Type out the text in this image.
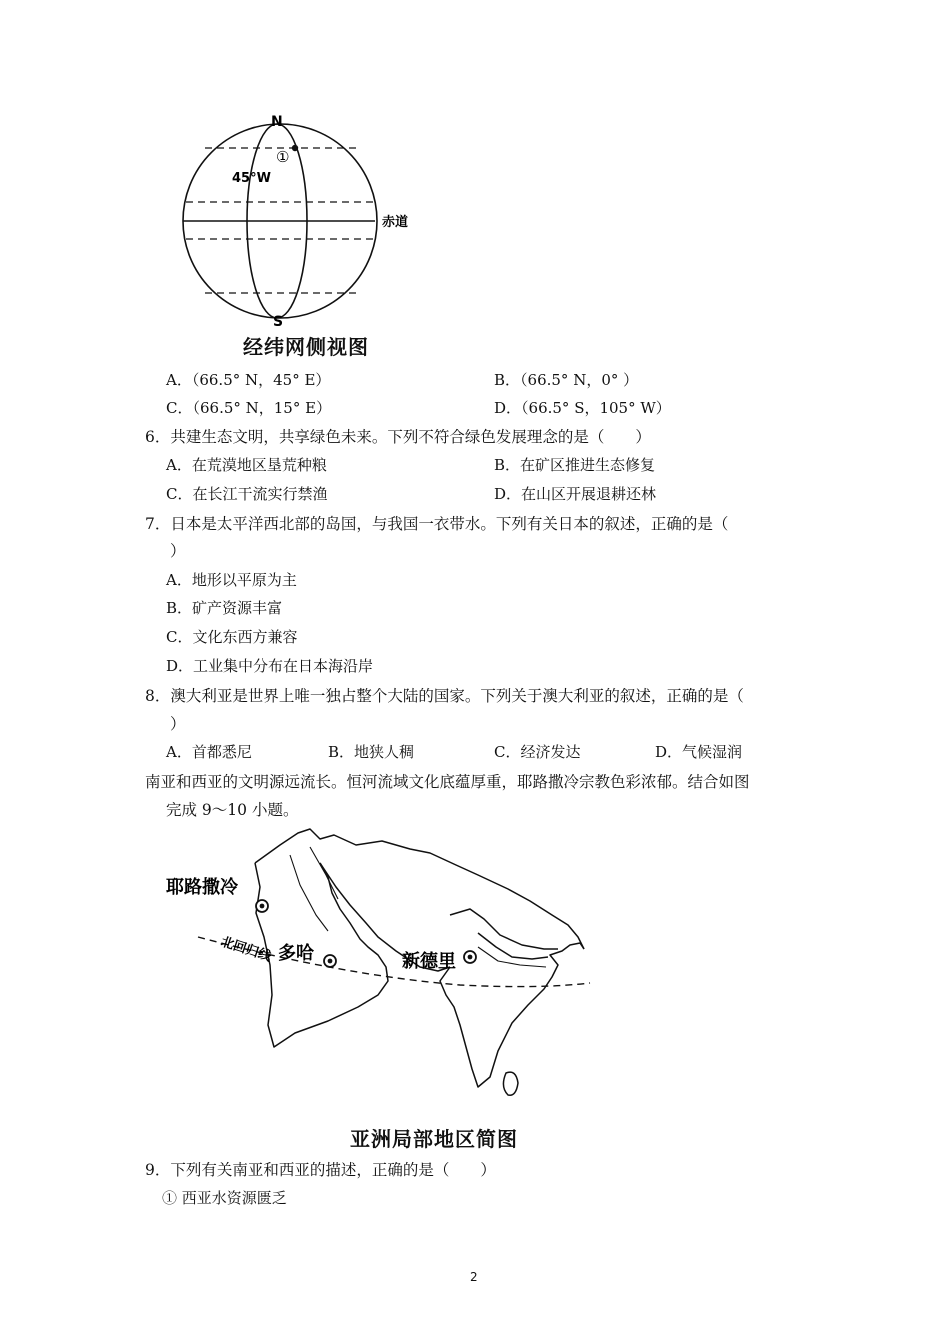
N
S
①
45°W
赤道
经纬网侧视图
A．（66.5° N，45° E）	B．（66.5° N，0° ）
C．（66.5° N，15° E）	D．（66.5° S，105° W）
6．共建生态文明，共享绿色未来。下列不符合绿色发展理念的是（　　）
A．在荒漠地区垦荒种粮	B．在矿区推进生态修复
C．在长江干流实行禁渔	D．在山区开展退耕还林
7．日本是太平洋西北部的岛国，与我国一衣带水。下列有关日本的叙述，正确的是（
）
A．地形以平原为主
B．矿产资源丰富
C．文化东西方兼容
D．工业集中分布在日本海沿岸
8．澳大利亚是世界上唯一独占整个大陆的国家。下列关于澳大利亚的叙述，正确的是（
）
A．首都悉尼	B．地狭人稠	C．经济发达	D．气候湿润
南亚和西亚的文明源远流长。恒河流域文化底蕴厚重，耶路撒冷宗教色彩浓郁。结合如图
完成 9～10 小题。
耶路撒冷
多哈	新德里
北回归线
亚洲局部地区简图
9．下列有关南亚和西亚的描述，正确的是（　　）
① 西亚水资源匮乏
2
